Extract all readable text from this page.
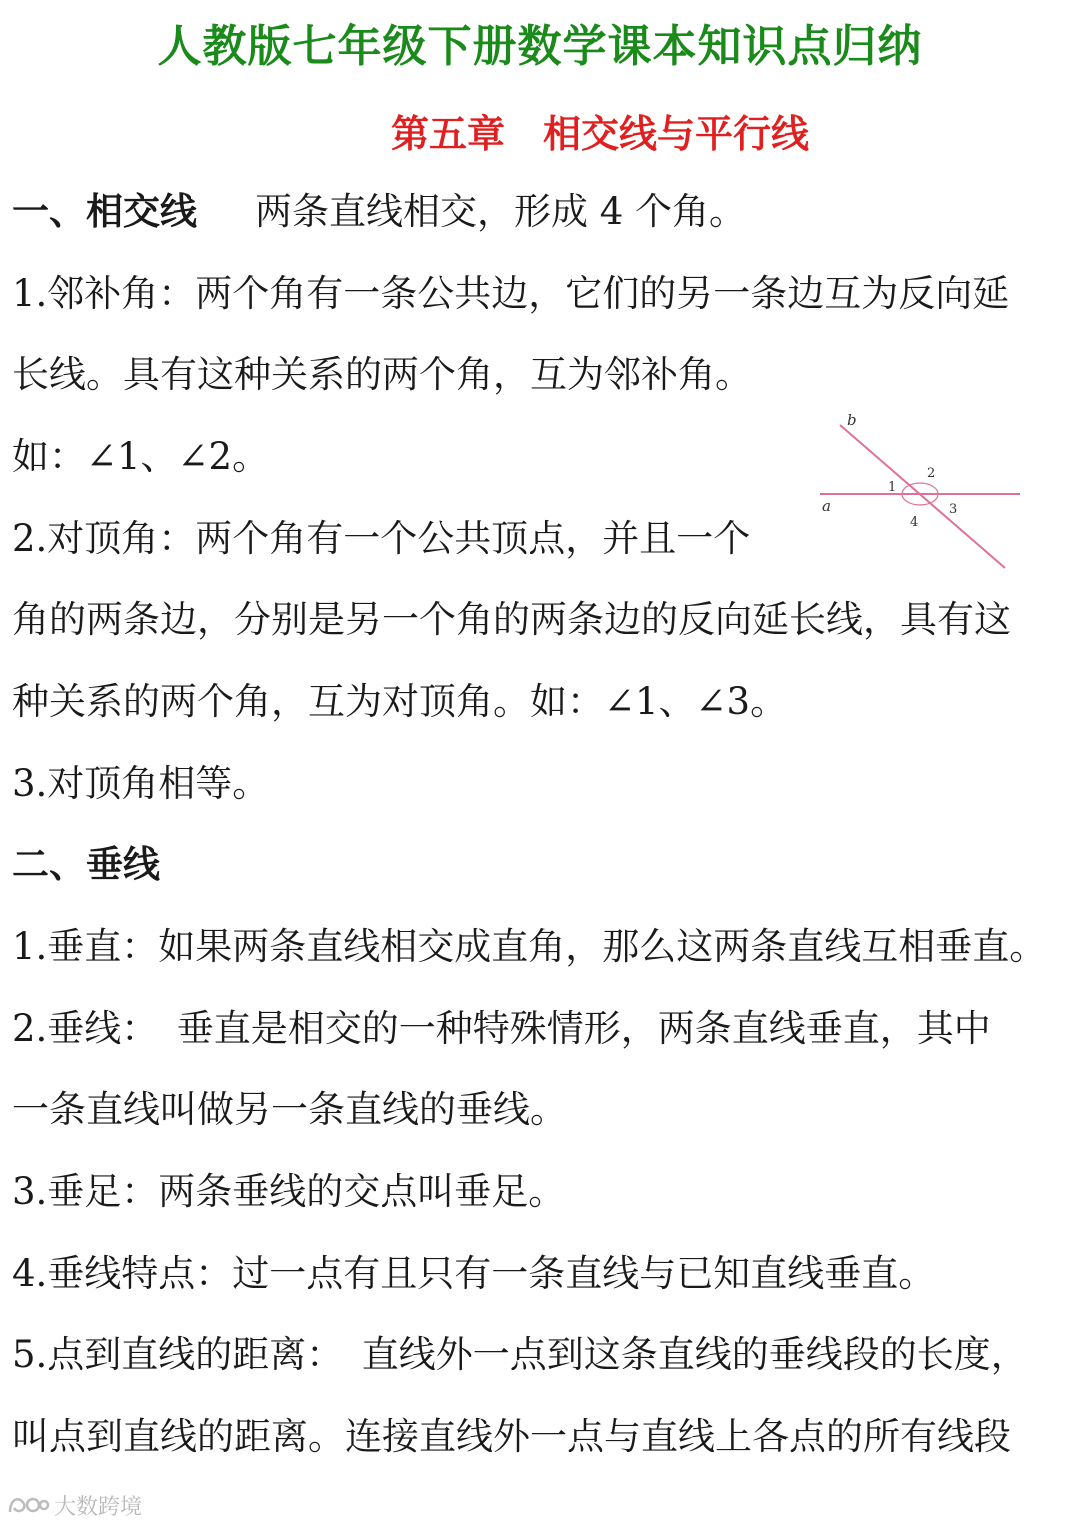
人教版七年级下册数学课本知识点归纳
第五章　相交线与平行线

一、相交线 两条直线相交，形成 4 个角。

1.邻补角：两个角有一条公共边，它们的另一条边互为反向延

长线。具有这种关系的两个角，互为邻补角。

如：∠1、∠2。

2.对顶角：两个角有一个公共顶点，并且一个

角的两条边，分别是另一个角的两条边的反向延长线，具有这

种关系的两个角，互为对顶角。如：∠1、∠3。

3.对顶角相等。

b
a
1
2
3
4

二、垂线

1.垂直：如果两条直线相交成直角，那么这两条直线互相垂直。

2.垂线：　垂直是相交的一种特殊情形，两条直线垂直，其中

一条直线叫做另一条直线的垂线。

3.垂足：两条垂线的交点叫垂足。

4.垂线特点：过一点有且只有一条直线与已知直线垂直。

5.点到直线的距离：　直线外一点到这条直线的垂线段的长度，

叫点到直线的距离。连接直线外一点与直线上各点的所有线段

大数跨境
